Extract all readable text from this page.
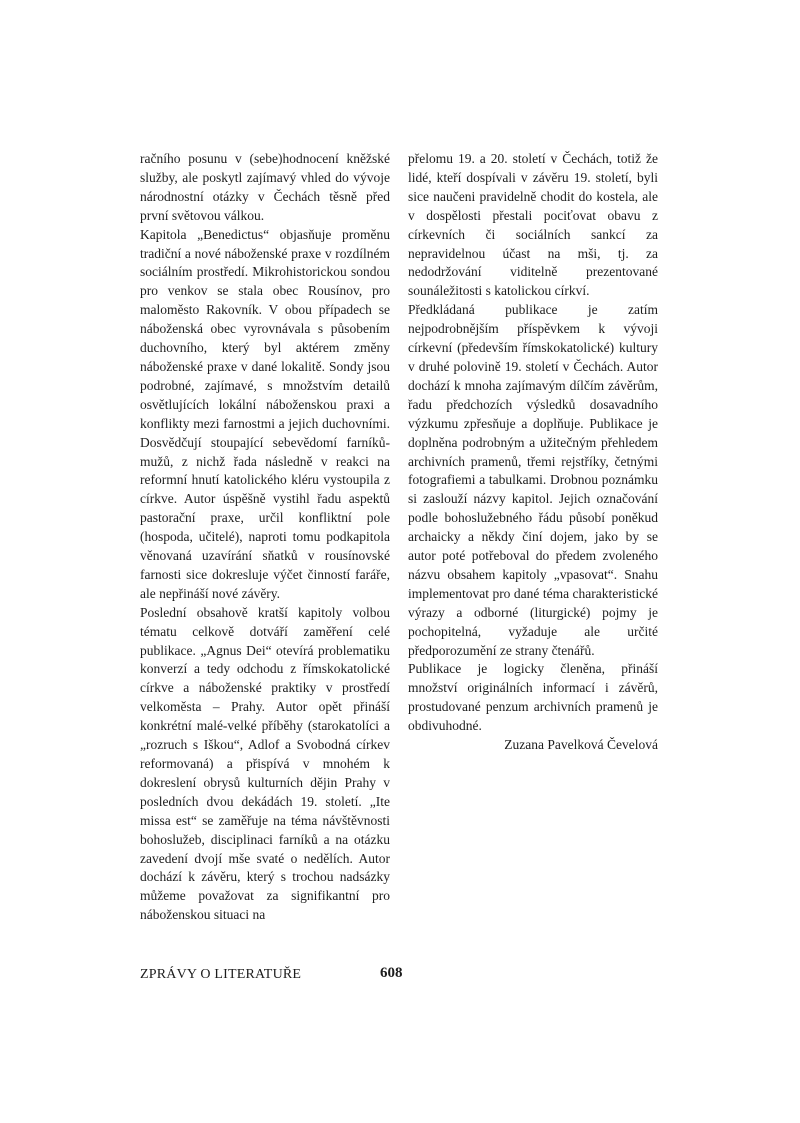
račního posunu v (sebe)hodnocení kněžské služby, ale poskytl zajímavý vhled do vývoje národnostní otázky v Čechách těsně před první světovou válkou.

Kapitola „Benedictus“ objasňuje proměnu tradiční a nové náboženské praxe v rozdílném sociálním prostředí. Mikrohistorickou sondou pro venkov se stala obec Rousínov, pro maloměsto Rakovník. V obou případech se náboženská obec vyrovnávala s působením duchovního, který byl aktérem změny náboženské praxe v dané lokalitě. Sondy jsou podrobné, zajímavé, s množstvím detailů osvětlujících lokální náboženskou praxi a konflikty mezi farnostmi a jejich duchovními. Dosvědčují stoupající sebevědomí farníků-mužů, z nichž řada následně v reakci na reformní hnutí katolického kléru vystoupila z církve. Autor úspěšně vystihl řadu aspektů pastorační praxe, určil konfliktní pole (hospoda, učitelé), naproti tomu podkapitola věnovaná uzavírání sňatků v rousínovské farnosti sice dokresluje výčet činností faráře, ale nepřináší nové závěry.

Poslední obsahově kratší kapitoly volbou tématu celkově dotváří zaměření celé publikace. „Agnus Dei“ otevírá problematiku konverzí a tedy odchodu z římskokatolické církve a náboženské praktiky v prostředí velkoměsta – Prahy. Autor opět přináší konkrétní malé-velké příběhy (starokatolíci a „rozruch s Iškou“, Adlof a Svobodná církev reformovaná) a přispívá v mnohém k dokreslení obrysů kulturních dějin Prahy v posledních dvou dekádách 19. století. „Ite missa est“ se zaměřuje na téma návštěvnosti bohoslužeb, disciplinaci farníků a na otázku zavedení dvojí mše svaté o nedělích. Autor dochází k závěru, který s trochou nadsázky můžeme považovat za signifikantní pro náboženskou situaci na

přelomu 19. a 20. století v Čechách, totiž že lidé, kteří dospívali v závěru 19. století, byli sice naučeni pravidelně chodit do kostela, ale v dospělosti přestali pociťovat obavu z církevních či sociálních sankcí za nepravidelnou účast na mši, tj. za nedodržování viditelně prezentované sounáležitosti s katolickou církví.

Předkládaná publikace je zatím nejpodrobnějším příspěvkem k vývoji církevní (především římskokatolické) kultury v druhé polovině 19. století v Čechách. Autor dochází k mnoha zajímavým dílčím závěrům, řadu předchozích výsledků dosavadního výzkumu zpřesňuje a doplňuje. Publikace je doplněna podrobným a užitečným přehledem archivních pramenů, třemi rejstříky, četnými fotografiemi a tabulkami. Drobnou poznámku si zaslouží názvy kapitol. Jejich označování podle bohoslužebného řádu působí poněkud archaicky a někdy činí dojem, jako by se autor poté potřeboval do předem zvoleného názvu obsahem kapitoly „vpasovat“. Snahu implementovat pro dané téma charakteristické výrazy a odborné (liturgické) pojmy je pochopitelná, vyžaduje ale určité předporozumění ze strany čtenářů.

Publikace je logicky členěna, přináší množství originálních informací i závěrů, prostudované penzum archivních pramenů je obdivuhodné.

Zuzana Pavelková Čevelová

ZPRÁVY O LITERATUŘE	608
